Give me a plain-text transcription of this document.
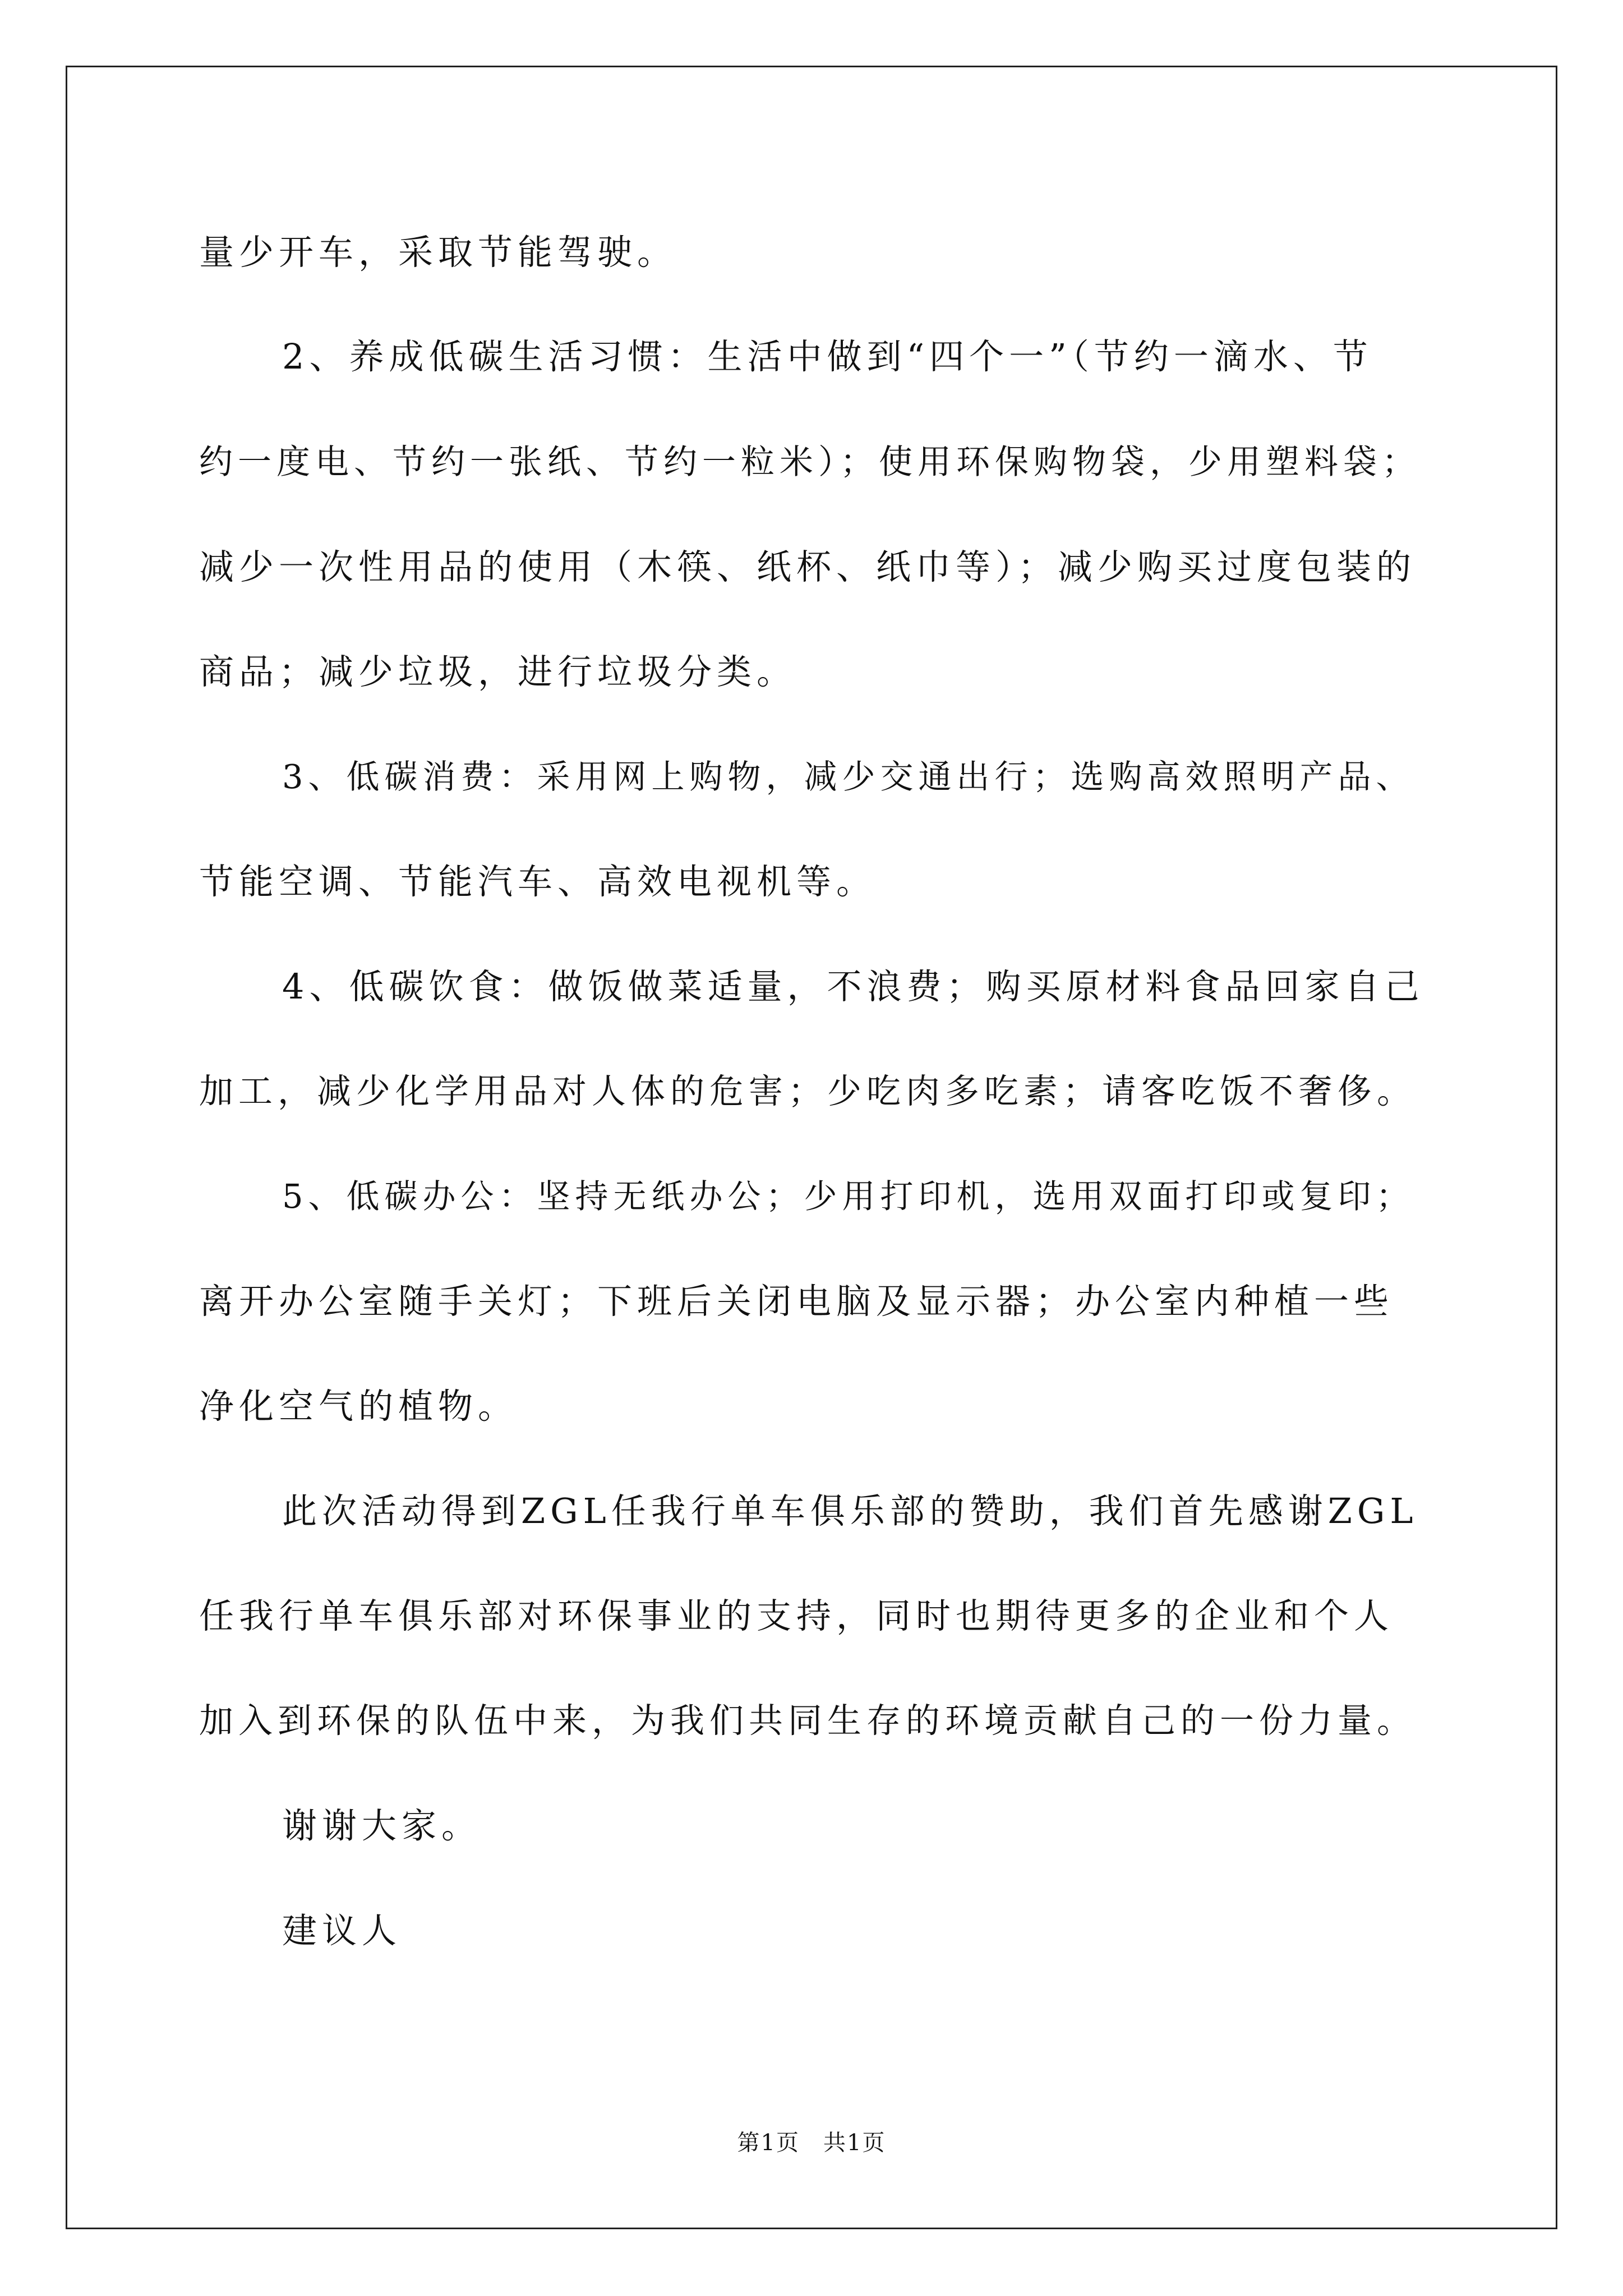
量少开车，采取节能驾驶。
2、养成低碳生活习惯：生活中做到“四个一”（节约一滴水、节
约一度电、节约一张纸、节约一粒米）；使用环保购物袋，少用塑料袋；
减少一次性用品的使用（木筷、纸杯、纸巾等）；减少购买过度包装的
商品；减少垃圾，进行垃圾分类。
3、低碳消费：采用网上购物，减少交通出行；选购高效照明产品、
节能空调、节能汽车、高效电视机等。
4、低碳饮食：做饭做菜适量，不浪费；购买原材料食品回家自己
加工，减少化学用品对人体的危害；少吃肉多吃素；请客吃饭不奢侈。
5、低碳办公：坚持无纸办公；少用打印机，选用双面打印或复印；
离开办公室随手关灯；下班后关闭电脑及显示器；办公室内种植一些
净化空气的植物。
此次活动得到ZGL任我行单车俱乐部的赞助，我们首先感谢ZGL
任我行单车俱乐部对环保事业的支持，同时也期待更多的企业和个人
加入到环保的队伍中来，为我们共同生存的环境贡献自己的一份力量。
谢谢大家。
建议人
第1页　共1页
